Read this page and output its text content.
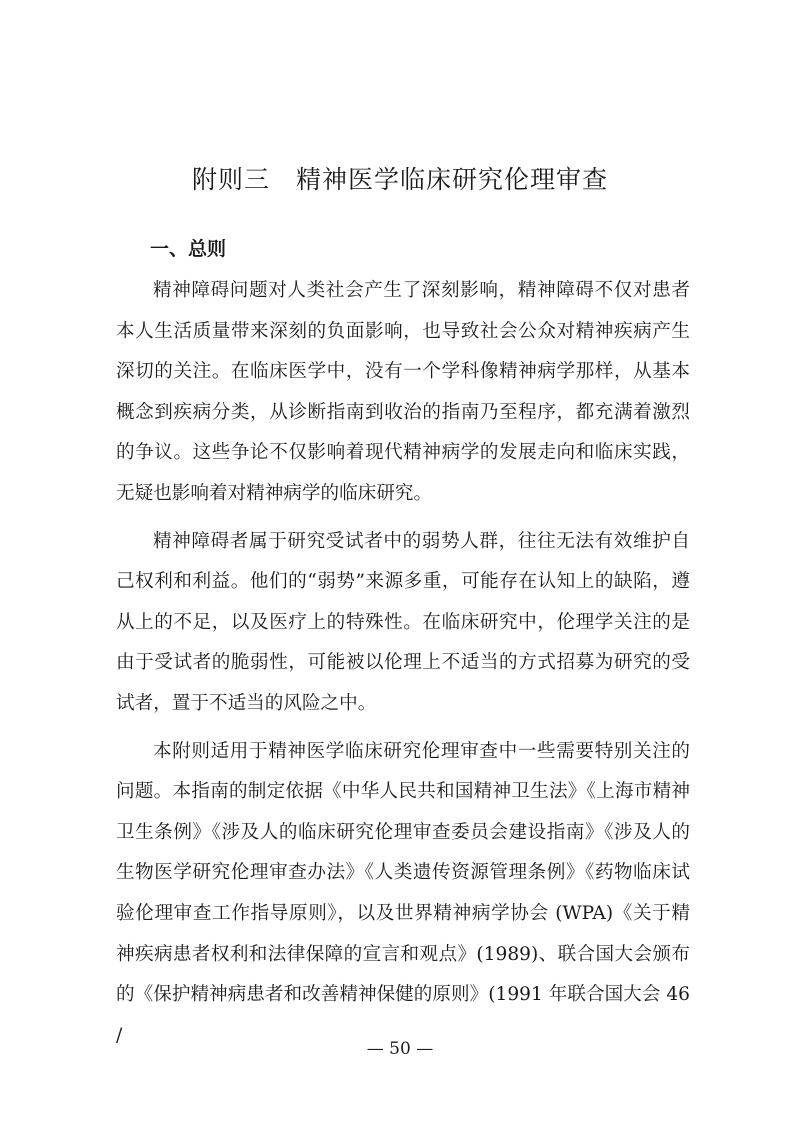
附则三　精神医学临床研究伦理审查
一、总则

精神障碍问题对人类社会产生了深刻影响，精神障碍不仅对患者本人生活质量带来深刻的负面影响，也导致社会公众对精神疾病产生深切的关注。在临床医学中，没有一个学科像精神病学那样，从基本概念到疾病分类，从诊断指南到收治的指南乃至程序，都充满着激烈的争议。这些争论不仅影响着现代精神病学的发展走向和临床实践，无疑也影响着对精神病学的临床研究。

精神障碍者属于研究受试者中的弱势人群，往往无法有效维护自己权利和利益。他们的“弱势”来源多重，可能存在认知上的缺陷，遵从上的不足，以及医疗上的特殊性。在临床研究中，伦理学关注的是由于受试者的脆弱性，可能被以伦理上不适当的方式招募为研究的受试者，置于不适当的风险之中。

本附则适用于精神医学临床研究伦理审查中一些需要特别关注的问题。本指南的制定依据《中华人民共和国精神卫生法》《上海市精神卫生条例》《涉及人的临床研究伦理审查委员会建设指南》《涉及人的生物医学研究伦理审查办法》《人类遗传资源管理条例》《药物临床试验伦理审查工作指导原则》，以及世界精神病学协会 (WPA)《关于精神疾病患者权利和法律保障的宣言和观点》(1989)、联合国大会颁布的《保护精神病患者和改善精神保健的原则》(1991 年联合国大会 46 /

— 50 —
